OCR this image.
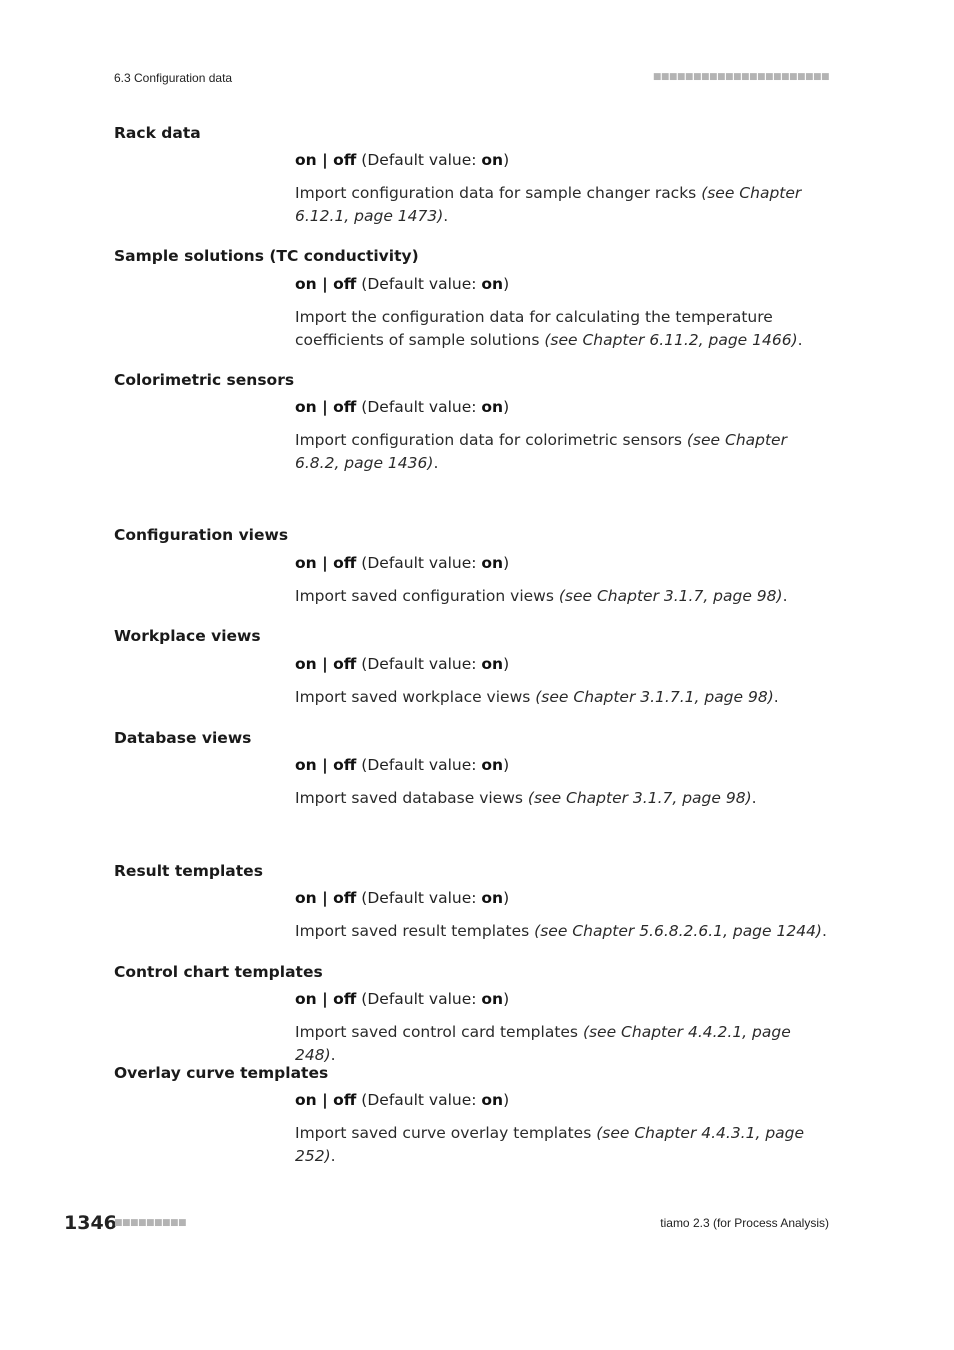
6.3 Configuration data	■■■■■■■■■■■■■■■■■■■■■■
Rack data
on | off (Default value: on)
Import configuration data for sample changer racks (see Chapter 6.12.1, page 1473).
Sample solutions (TC conductivity)
on | off (Default value: on)
Import the configuration data for calculating the temperature coefficients of sample solutions (see Chapter 6.11.2, page 1466).
Colorimetric sensors
on | off (Default value: on)
Import configuration data for colorimetric sensors (see Chapter 6.8.2, page 1436).
Configuration views
on | off (Default value: on)
Import saved configuration views (see Chapter 3.1.7, page 98).
Workplace views
on | off (Default value: on)
Import saved workplace views (see Chapter 3.1.7.1, page 98).
Database views
on | off (Default value: on)
Import saved database views (see Chapter 3.1.7, page 98).
Result templates
on | off (Default value: on)
Import saved result templates (see Chapter 5.6.8.2.6.1, page 1244).
Control chart templates
on | off (Default value: on)
Import saved control card templates (see Chapter 4.4.2.1, page 248).
Overlay curve templates
on | off (Default value: on)
Import saved curve overlay templates (see Chapter 4.4.3.1, page 252).
1346
■■■■■■■■■	tiamo 2.3 (for Process Analysis)
